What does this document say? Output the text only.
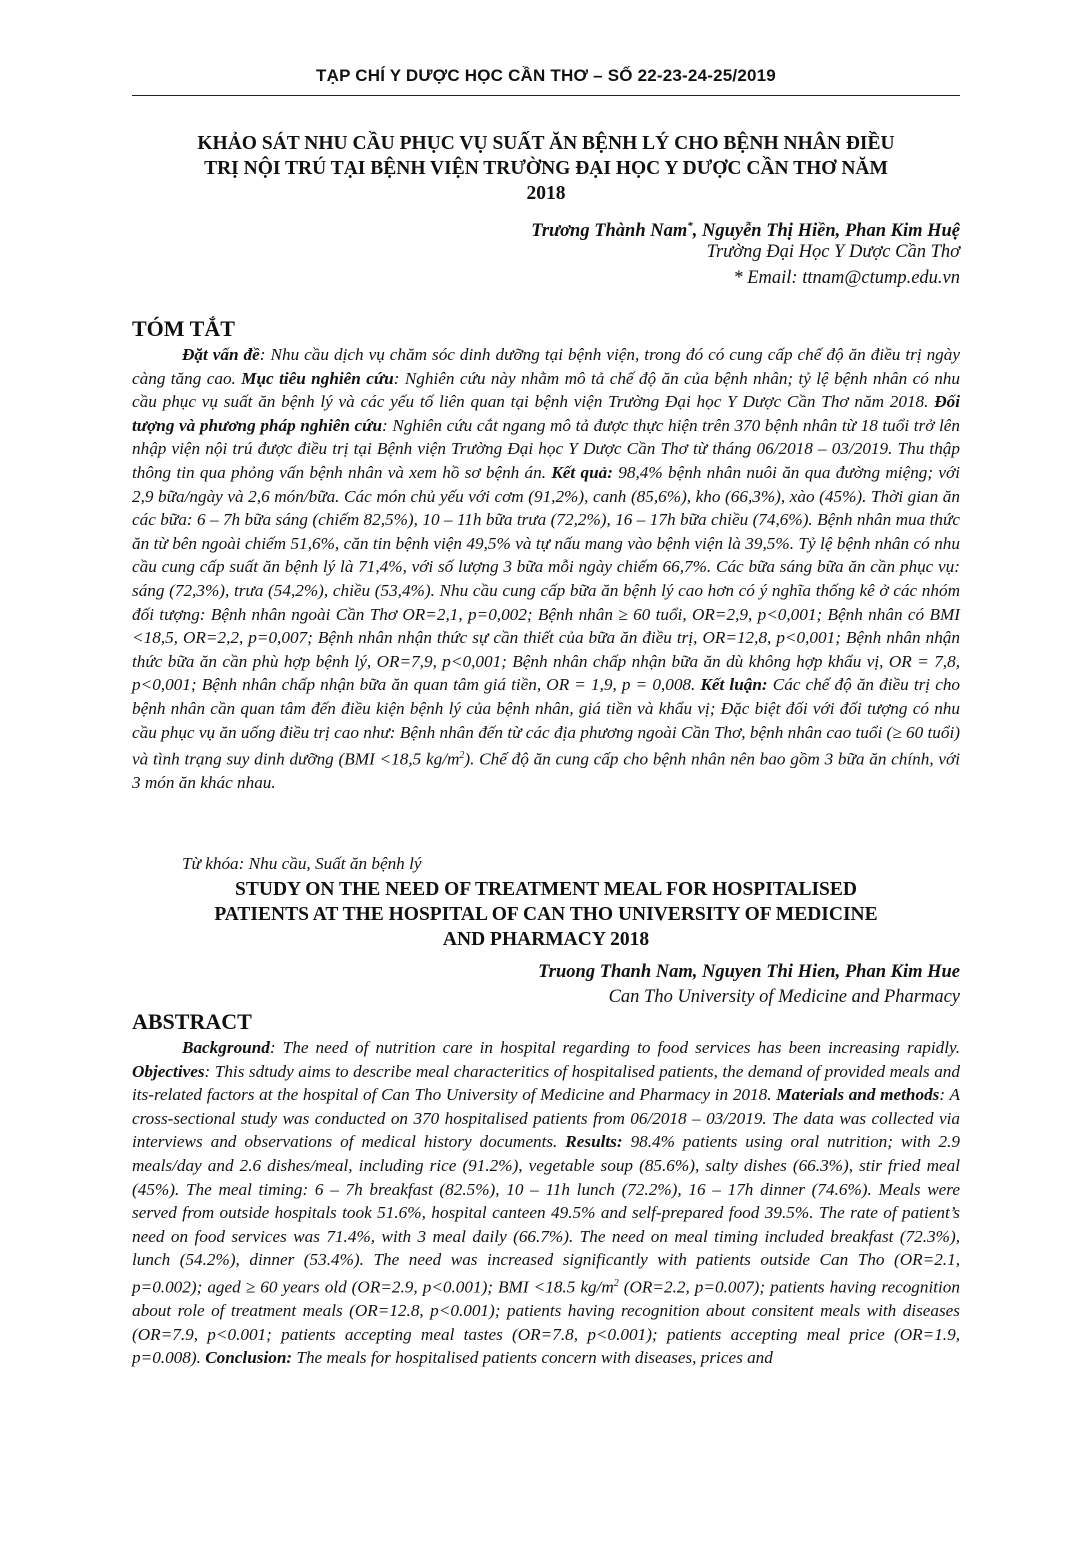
TẠP CHÍ Y DƯỢC HỌC CẦN THƠ – SỐ 22-23-24-25/2019
KHẢO SÁT NHU CẦU PHỤC VỤ SUẤT ĂN BỆNH LÝ CHO BỆNH NHÂN ĐIỀU
TRỊ NỘI TRÚ TẠI BỆNH VIỆN TRƯỜNG ĐẠI HỌC Y DƯỢC CẦN THƠ NĂM
2018
Trương Thành Nam*, Nguyễn Thị Hiền, Phan Kim Huệ
Trường Đại Học Y Dược Cần Thơ
* Email: ttnam@ctump.edu.vn
TÓM TẮT
Đặt vấn đề: Nhu cầu dịch vụ chăm sóc dinh dưỡng tại bệnh viện, trong đó có cung cấp chế độ ăn điều trị ngày càng tăng cao. Mục tiêu nghiên cứu: Nghiên cứu này nhằm mô tả chế độ ăn của bệnh nhân; tỷ lệ bệnh nhân có nhu cầu phục vụ suất ăn bệnh lý và các yếu tố liên quan tại bệnh viện Trường Đại học Y Dược Cần Thơ năm 2018. Đối tượng và phương pháp nghiên cứu: Nghiên cứu cắt ngang mô tả được thực hiện trên 370 bệnh nhân từ 18 tuổi trở lên nhập viện nội trú được điều trị tại Bệnh viện Trường Đại học Y Dược Cần Thơ từ tháng 06/2018 – 03/2019. Thu thập thông tin qua phỏng vấn bệnh nhân và xem hồ sơ bệnh án. Kết quả: 98,4% bệnh nhân nuôi ăn qua đường miệng; với 2,9 bữa/ngày và 2,6 món/bữa. Các món chủ yếu với cơm (91,2%), canh (85,6%), kho (66,3%), xào (45%). Thời gian ăn các bữa: 6 – 7h bữa sáng (chiếm 82,5%), 10 – 11h bữa trưa (72,2%), 16 – 17h bữa chiều (74,6%). Bệnh nhân mua thức ăn từ bên ngoài chiếm 51,6%, căn tin bệnh viện 49,5% và tự nấu mang vào bệnh viện là 39,5%. Tỷ lệ bệnh nhân có nhu cầu cung cấp suất ăn bệnh lý là 71,4%, với số lượng 3 bữa mỗi ngày chiếm 66,7%. Các bữa sáng bữa ăn cần phục vụ: sáng (72,3%), trưa (54,2%), chiều (53,4%). Nhu cầu cung cấp bữa ăn bệnh lý cao hơn có ý nghĩa thống kê ở các nhóm đối tượng: Bệnh nhân ngoài Cần Thơ OR=2,1, p=0,002; Bệnh nhân ≥ 60 tuổi, OR=2,9, p<0,001; Bệnh nhân có BMI <18,5, OR=2,2, p=0,007; Bệnh nhân nhận thức sự cần thiết của bữa ăn điều trị, OR=12,8, p<0,001; Bệnh nhân nhận thức bữa ăn cần phù hợp bệnh lý, OR=7,9, p<0,001; Bệnh nhân chấp nhận bữa ăn dù không hợp khẩu vị, OR = 7,8, p<0,001; Bệnh nhân chấp nhận bữa ăn quan tâm giá tiền, OR = 1,9, p = 0,008. Kết luận: Các chế độ ăn điều trị cho bệnh nhân cần quan tâm đến điều kiện bệnh lý của bệnh nhân, giá tiền và khẩu vị; Đặc biệt đối với đối tượng có nhu cầu phục vụ ăn uống điều trị cao như: Bệnh nhân đến từ các địa phương ngoài Cần Thơ, bệnh nhân cao tuổi (≥ 60 tuổi) và tình trạng suy dinh dưỡng (BMI <18,5 $kg/m^2$). Chế độ ăn cung cấp cho bệnh nhân nên bao gồm 3 bữa ăn chính, với 3 món ăn khác nhau.
Từ khóa: Nhu cầu, Suất ăn bệnh lý
STUDY ON THE NEED OF TREATMENT MEAL FOR HOSPITALISED
PATIENTS AT THE HOSPITAL OF CAN THO UNIVERSITY OF MEDICINE
AND PHARMACY 2018
Truong Thanh Nam, Nguyen Thi Hien, Phan Kim Hue
Can Tho University of Medicine and Pharmacy
ABSTRACT
Background: The need of nutrition care in hospital regarding to food services has been increasing rapidly. Objectives: This sdtudy aims to describe meal characteritics of hospitalised patients, the demand of provided meals and its-related factors at the hospital of Can Tho University of Medicine and Pharmacy in 2018. Materials and methods: A cross-sectional study was conducted on 370 hospitalised patients from 06/2018 – 03/2019. The data was collected via interviews and observations of medical history documents. Results: 98.4% patients using oral nutrition; with 2.9 meals/day and 2.6 dishes/meal, including rice (91.2%), vegetable soup (85.6%), salty dishes (66.3%), stir fried meal (45%). The meal timing: 6 – 7h breakfast (82.5%), 10 – 11h lunch (72.2%), 16 – 17h dinner (74.6%). Meals were served from outside hospitals took 51.6%, hospital canteen 49.5% and self-prepared food 39.5%. The rate of patient’s need on food services was 71.4%, with 3 meal daily (66.7%). The need on meal timing included breakfast (72.3%), lunch (54.2%), dinner (53.4%). The need was increased significantly with patients outside Can Tho (OR=2.1, p=0.002); aged ≥ 60 years old (OR=2.9, p<0.001); BMI <18.5 $kg/m^2$ (OR=2.2, p=0.007); patients having recognition about role of treatment meals (OR=12.8, p<0.001); patients having recognition about consitent meals with diseases (OR=7.9, p<0.001; patients accepting meal tastes (OR=7.8, p<0.001); patients accepting meal price (OR=1.9, p=0.008). Conclusion: The meals for hospitalised patients concern with diseases, prices and
